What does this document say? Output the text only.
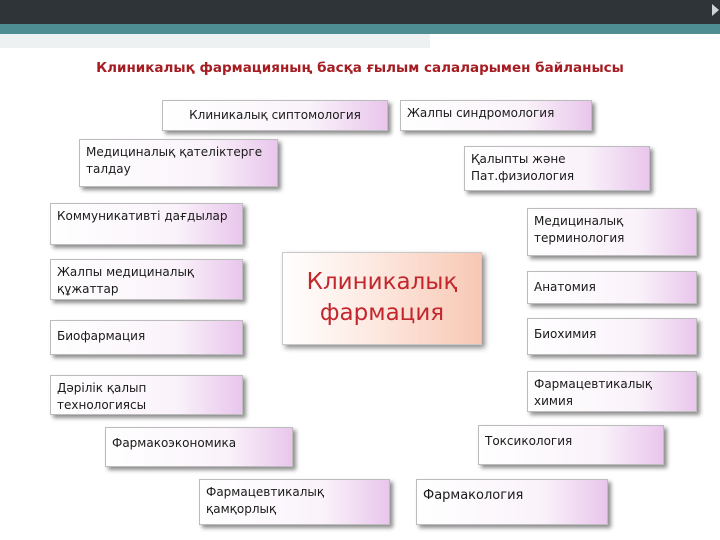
Клиникалық фармацияның басқа ғылым салаларымен байланысы
Клиникалық сиптомология	Жалпы синдромология
Медициналық қателіктерге талдау
Қалыпты және Пат.физиология
Коммуникативті дағдылар	Медициналық терминология
Жалпы медициналық құжаттар	Анатомия
Клиникалық
фармация
Биофармация	Биохимия
Дәрілік қалып технологиясы
Фармацевтикалық химия
Фармакоэкономика	Токсикология
Фармацевтикалық қамқорлық
Фармакология
